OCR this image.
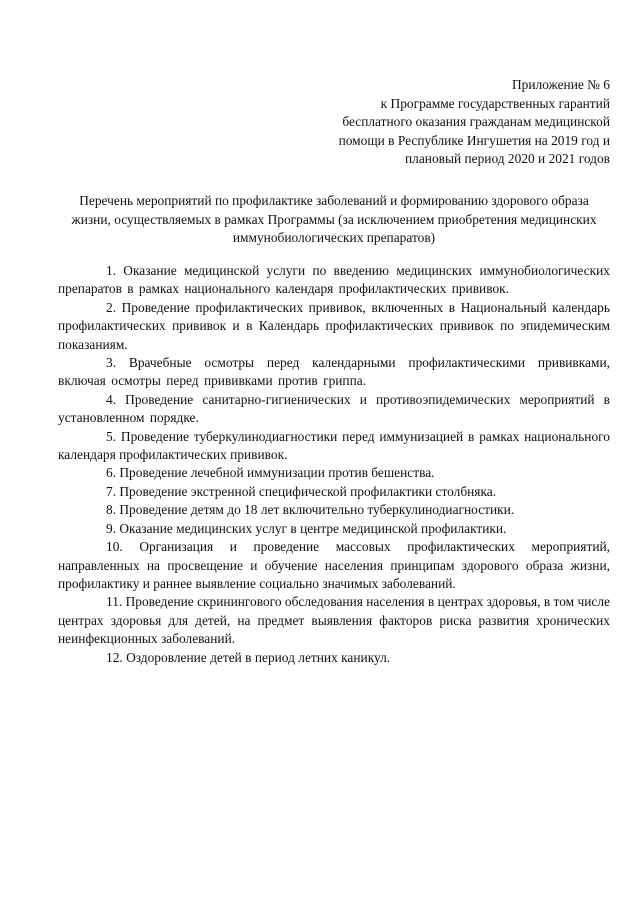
Приложение № 6
к Программе государственных гарантий
бесплатного оказания гражданам медицинской
помощи в Республике Ингушетия на 2019 год и
плановый период 2020 и 2021 годов
Перечень мероприятий по профилактике заболеваний и формированию здорового образа жизни, осуществляемых в рамках Программы (за исключением приобретения медицинских иммунобиологических препаратов)

1. Оказание медицинской услуги по введению медицинских иммунобиологических препаратов в рамках национального календаря профилактических прививок.

2. Проведение профилактических прививок, включенных в Национальный календарь профилактических прививок и в Календарь профилактических прививок по эпидемическим показаниям.

3. Врачебные осмотры перед календарными профилактическими прививками, включая осмотры перед прививками против гриппа.

4. Проведение санитарно-гигиенических и противоэпидемических мероприятий в установленном порядке.

5. Проведение туберкулинодиагностики перед иммунизацией в рамках национального календаря профилактических прививок.

6. Проведение лечебной иммунизации против бешенства.

7. Проведение экстренной специфической профилактики столбняка.

8. Проведение детям до 18 лет включительно туберкулинодиагностики.

9. Оказание медицинских услуг в центре медицинской профилактики.

10. Организация и проведение массовых профилактических мероприятий, направленных на просвещение и обучение населения принципам здорового образа жизни, профилактику и раннее выявление социально значимых заболеваний.

11. Проведение скринингового обследования населения в центрах здоровья, в том числе центрах здоровья для детей, на предмет выявления факторов риска развития хронических неинфекционных заболеваний.

12. Оздоровление детей в период летних каникул.
